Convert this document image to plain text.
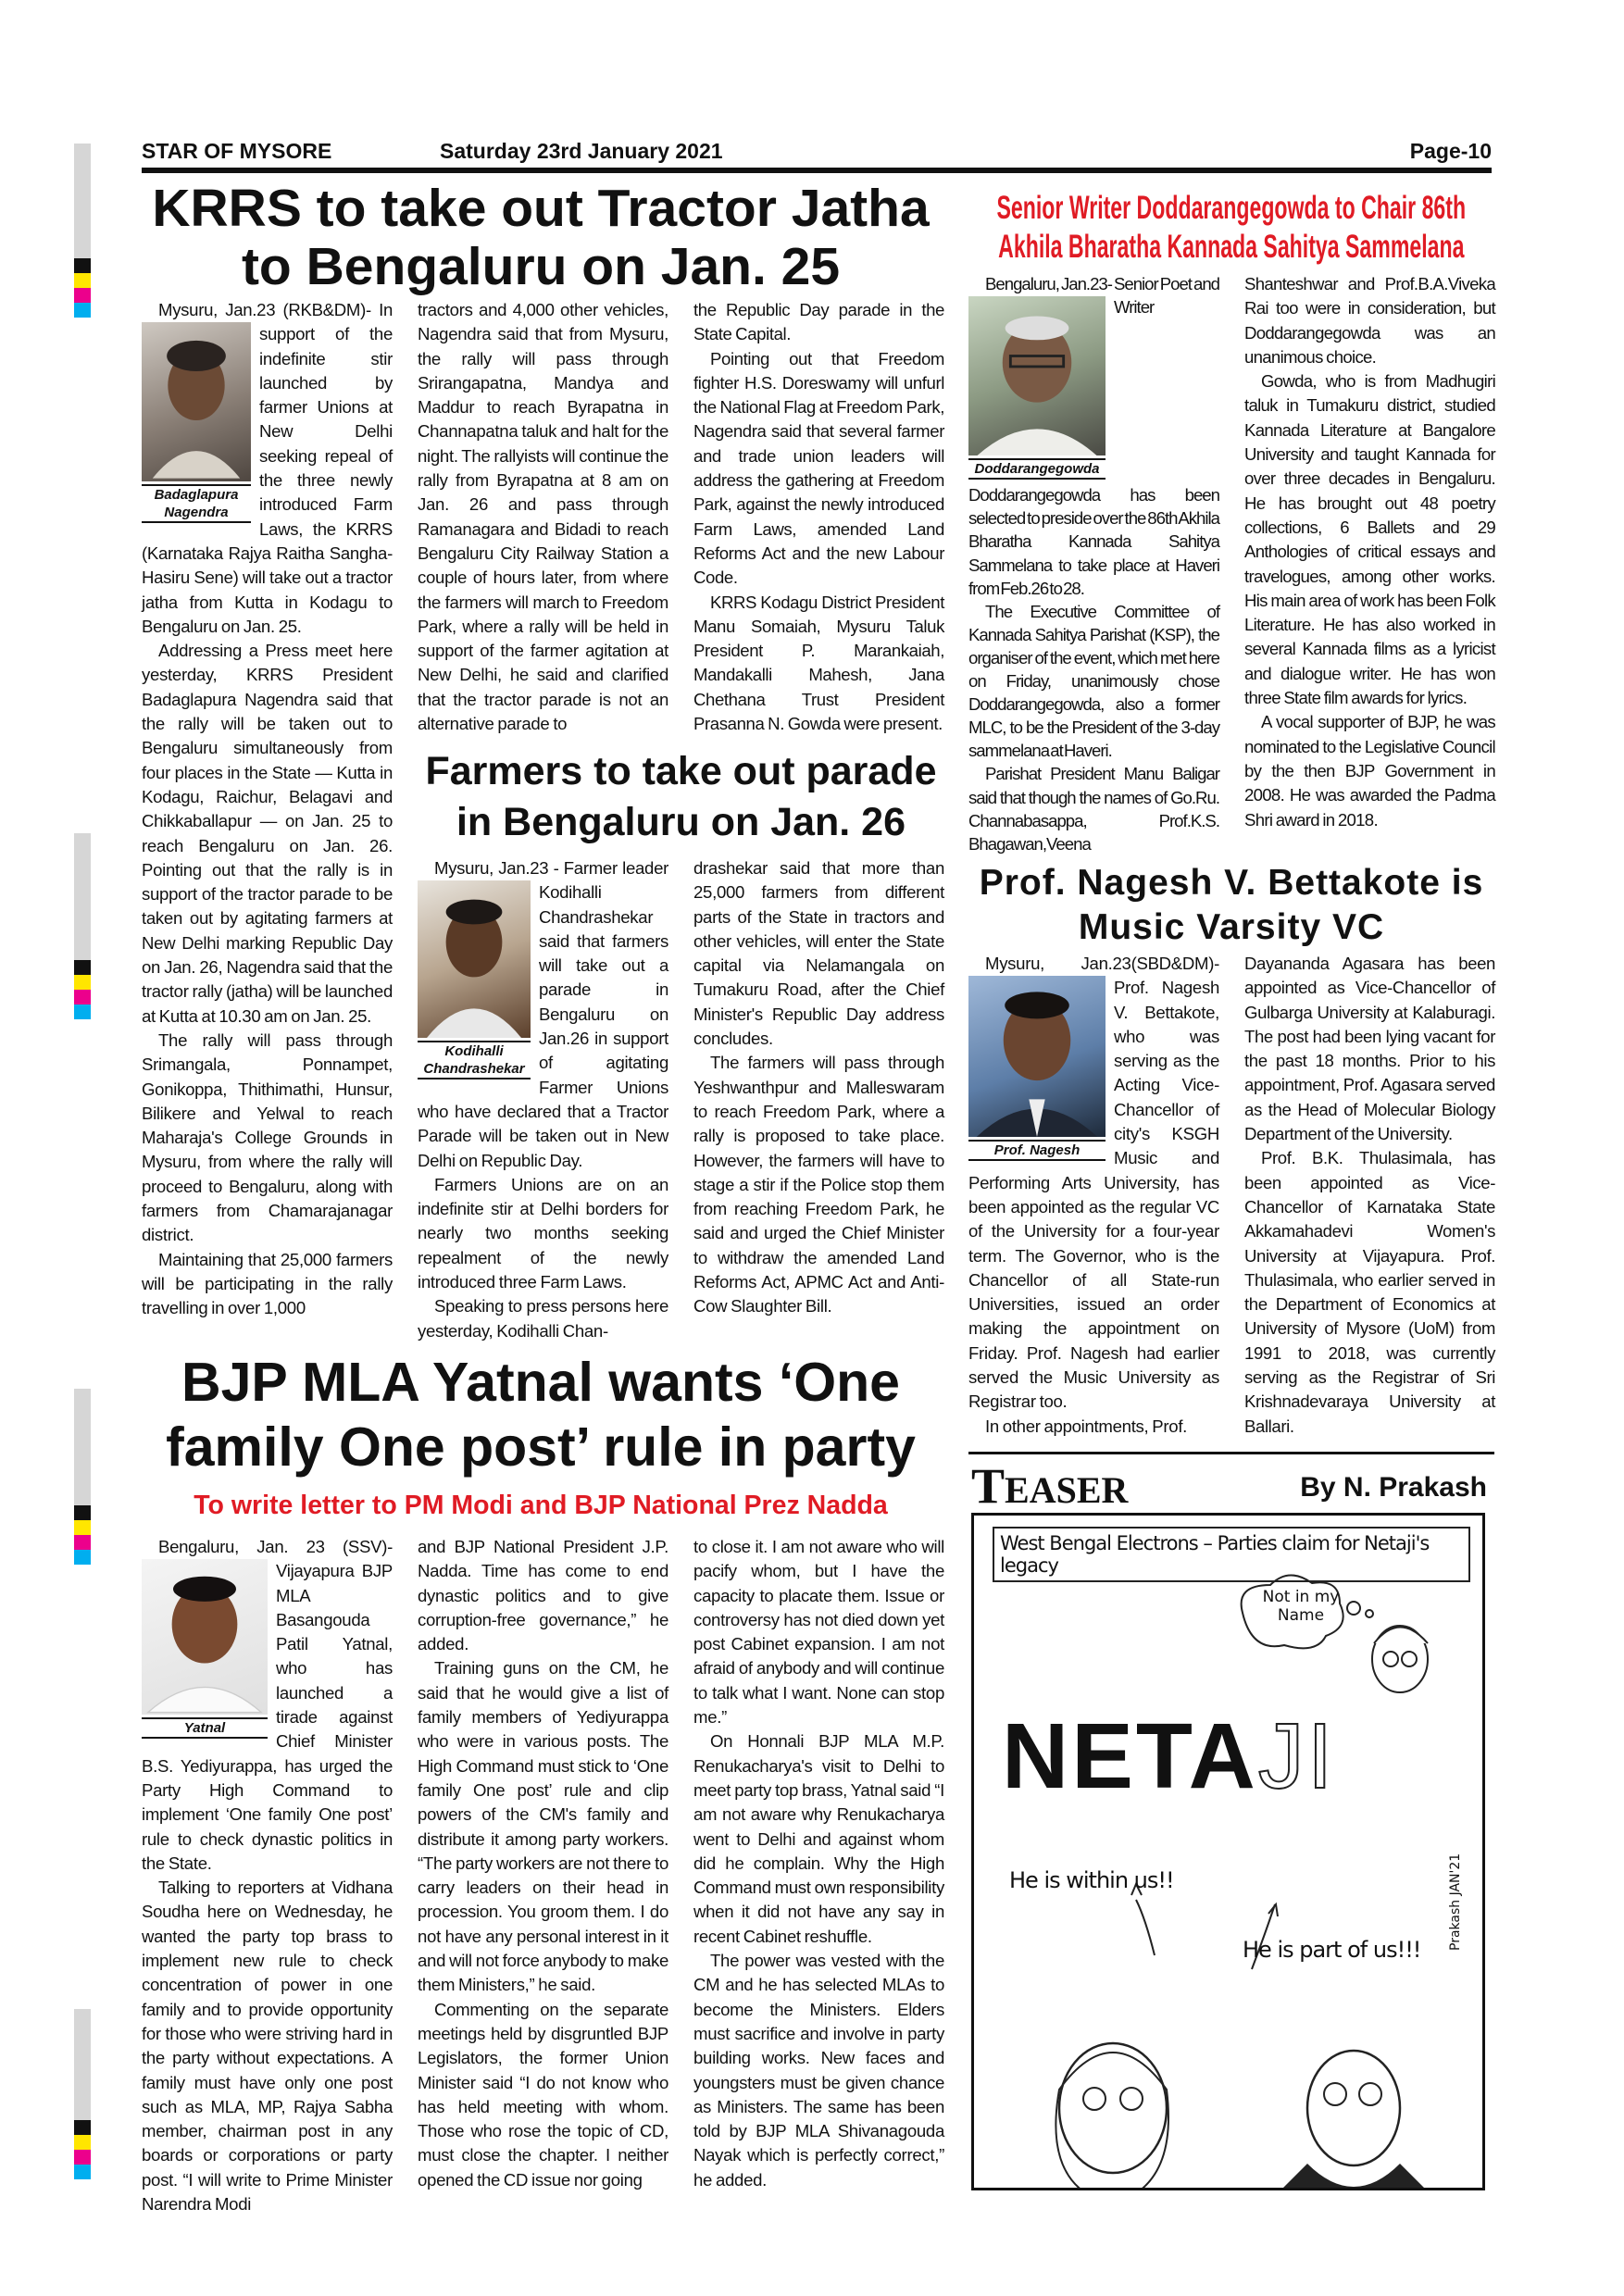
STAR OF MYSORE	Saturday 23rd January 2021	Page-10
KRRS to take out Tractor Jatha to Bengaluru on Jan. 25
Badaglapura Nagendra

Mysuru, Jan.23 (RKB&DM)- In support of the indefinite stir launched by farmer Unions at New Delhi seeking repeal of the three newly introduced Farm Laws, the KRRS (Karnataka Rajya Raitha Sangha-Hasiru Sene) will take out a tractor jatha from Kutta in Kodagu to Bengaluru on Jan. 25.

Addressing a Press meet here yesterday, KRRS President Badaglapura Nagendra said that the rally will be taken out to Bengaluru simultaneously from four places in the State — Kutta in Kodagu, Raichur, Belagavi and Chikkaballapur — on Jan. 25 to reach Bengaluru on Jan. 26. Pointing out that the rally is in support of the tractor parade to be taken out by agitating farmers at New Delhi marking Republic Day on Jan. 26, Nagendra said that the tractor rally (jatha) will be launched at Kutta at 10.30 am on Jan. 25.

The rally will pass through Srimangala, Ponnampet, Gonikoppa, Thithimathi, Hunsur, Bilikere and Yelwal to reach Maharaja's College Grounds in Mysuru, from where the rally will proceed to Bengaluru, along with farmers from Chamarajanagar district.

Maintaining that 25,000 farmers will be participating in the rally travelling in over 1,000

tractors and 4,000 other vehicles, Nagendra said that from Mysuru, the rally will pass through Srirangapatna, Mandya and Maddur to reach Byrapatna in Channapatna taluk and halt for the night. The rallyists will continue the rally from Byrapatna at 8 am on Jan. 26 and pass through Ramanagara and Bidadi to reach Bengaluru City Railway Station a couple of hours later, from where the farmers will march to Freedom Park, where a rally will be held in support of the farmer agitation at New Delhi, he said and clarified that the tractor parade is not an alternative parade to

the Republic Day parade in the State Capital.

Pointing out that Freedom fighter H.S. Doreswamy will unfurl the National Flag at Freedom Park, Nagendra said that several farmer and trade union leaders will address the gathering at Freedom Park, against the newly introduced Farm Laws, amended Land Reforms Act and the new Labour Code.

KRRS Kodagu District President Manu Somaiah, Mysuru Taluk President P. Marankaiah, Mandakalli Mahesh, Jana Chethana Trust President Prasanna N. Gowda were present.

Farmers to take out parade in Bengaluru on Jan. 26
Kodihalli Chandrashekar

Mysuru, Jan.23 - Farmer leader Kodihalli Chandrashekar said that farmers will take out a parade in Bengaluru on Jan.26 in support of agitating Farmer Unions who have declared that a Tractor Parade will be taken out in New Delhi on Republic Day.

Farmers Unions are on an indefinite stir at Delhi borders for nearly two months seeking repealment of the newly introduced three Farm Laws.

Speaking to press persons here yesterday, Kodihalli Chan-

drashekar said that more than 25,000 farmers from different parts of the State in tractors and other vehicles, will enter the State capital via Nelamangala on Tumakuru Road, after the Chief Minister's Republic Day address concludes.

The farmers will pass through Yeshwanthpur and Malleswaram to reach Freedom Park, where a rally is proposed to take place. However, the farmers will have to stage a stir if the Police stop them from reaching Freedom Park, he said and urged the Chief Minister to withdraw the amended Land Reforms Act, APMC Act and Anti-Cow Slaughter Bill.

Senior Writer Doddarangegowda to Chair 86th Akhila Bharatha Kannada Sahitya Sammelana
Doddarangegowda

Bengaluru, Jan.23- Senior Poet and Writer Doddarangegowda has been selected to preside over the 86th Akhila Bharatha Kannada Sahitya Sammelana to take place at Haveri from Feb.26 to 28.

The Executive Committee of Kannada Sahitya Parishat (KSP), the organiser of the event, which met here on Friday, unanimously chose Doddarangegowda, also a former MLC, to be the President of the 3-day sammelana at Haveri.

Parishat President Manu Baligar said that though the names of Go.Ru. Channabasappa, Prof.K.S. Bhagawan,Veena

Shanteshwar and Prof.B.A.Viveka Rai too were in consideration, but Doddarangegowda was an unanimous choice.

Gowda, who is from Madhugiri taluk in Tumakuru district, studied Kannada Literature at Bangalore University and taught Kannada for over three decades in Bengaluru. He has brought out 48 poetry collections, 6 Ballets and 29 Anthologies of critical essays and travelogues, among other works. His main area of work has been Folk Literature. He has also worked in several Kannada films as a lyricist and dialogue writer. He has won three State film awards for lyrics.

A vocal supporter of BJP, he was nominated to the Legislative Council by the then BJP Government in 2008. He was awarded the Padma Shri award in 2018.

Prof. Nagesh V. Bettakote is Music Varsity VC
Prof. Nagesh

Mysuru, Jan.23(SBD&DM)- Prof. Nagesh V. Bettakote, who was serving as the Acting Vice-Chancellor of city's KSGH Music and Performing Arts University, has been appointed as the regular VC of the University for a four-year term. The Governor, who is the Chancellor of all State-run Universities, issued an order making the appointment on Friday. Prof. Nagesh had earlier served the Music University as Registrar too.

In other appointments, Prof.

Dayananda Agasara has been appointed as Vice-Chancellor of Gulbarga University at Kalaburagi. The post had been lying vacant for the past 18 months. Prior to his appointment, Prof. Agasara served as the Head of Molecular Biology Department of the University.

Prof. B.K. Thulasimala, has been appointed as Vice-Chancellor of Karnataka State Akkamahadevi Women's University at Vijayapura. Prof. Thulasimala, who earlier served in the Department of Economics at University of Mysore (UoM) from 1991 to 2018, was currently serving as the Registrar of Sri Krishnadevaraya University at Ballari.

BJP MLA Yatnal wants ‘One family One post’ rule in party
To write letter to PM Modi and BJP National Prez Nadda
Yatnal

Bengaluru, Jan. 23 (SSV)- Vijayapura BJP MLA Basangouda Patil Yatnal, who has launched a tirade against Chief Minister B.S. Yediyurappa, has urged the Party High Command to implement ‘One family One post’ rule to check dynastic politics in the State.

Talking to reporters at Vidhana Soudha here on Wednesday, he wanted the party top brass to implement new rule to check concentration of power in one family and to provide opportunity for those who were striving hard in the party without expectations. A family must have only one post such as MLA, MP, Rajya Sabha member, chairman post in any boards or corporations or party post. “I will write to Prime Minister Narendra Modi

and BJP National President J.P. Nadda. Time has come to end dynastic politics and to give corruption-free governance,” he added.

Training guns on the CM, he said that he would give a list of family members of Yediyurappa who were in various posts. The High Command must stick to ‘One family One post’ rule and clip powers of the CM's family and distribute it among party workers. “The party workers are not there to carry leaders on their head in procession. You groom them. I do not have any personal interest in it and will not force anybody to make them Ministers,” he said.

Commenting on the separate meetings held by disgruntled BJP Legislators, the former Union Minister said “I do not know who has held meeting with whom. Those who rose the topic of CD, must close the chapter. I neither opened the CD issue nor going

to close it. I am not aware who will pacify whom, but I have the capacity to placate them. Issue or controversy has not died down yet post Cabinet expansion. I am not afraid of anybody and will continue to talk what I want. None can stop me.”

On Honnali BJP MLA M.P. Renukacharya's visit to Delhi to meet party top brass, Yatnal said “I am not aware why Renukacharya went to Delhi and against whom did he complain. Why the High Command must own responsibility when it did not have any say in recent Cabinet reshuffle.

The power was vested with the CM and he has selected MLAs to become the Ministers. Elders must sacrifice and involve in party building works. New faces and youngsters must be given chance as Ministers. The same has been told by BJP MLA Shivanagouda Nayak which is perfectly correct,” he added.

TEASER	By N. Prakash
West Bengal Electrons – Parties claim for Netaji's legacy
Not in my Name
NETAJI
Prakash JAN'21
He is within us!!
He is part of us!!!
